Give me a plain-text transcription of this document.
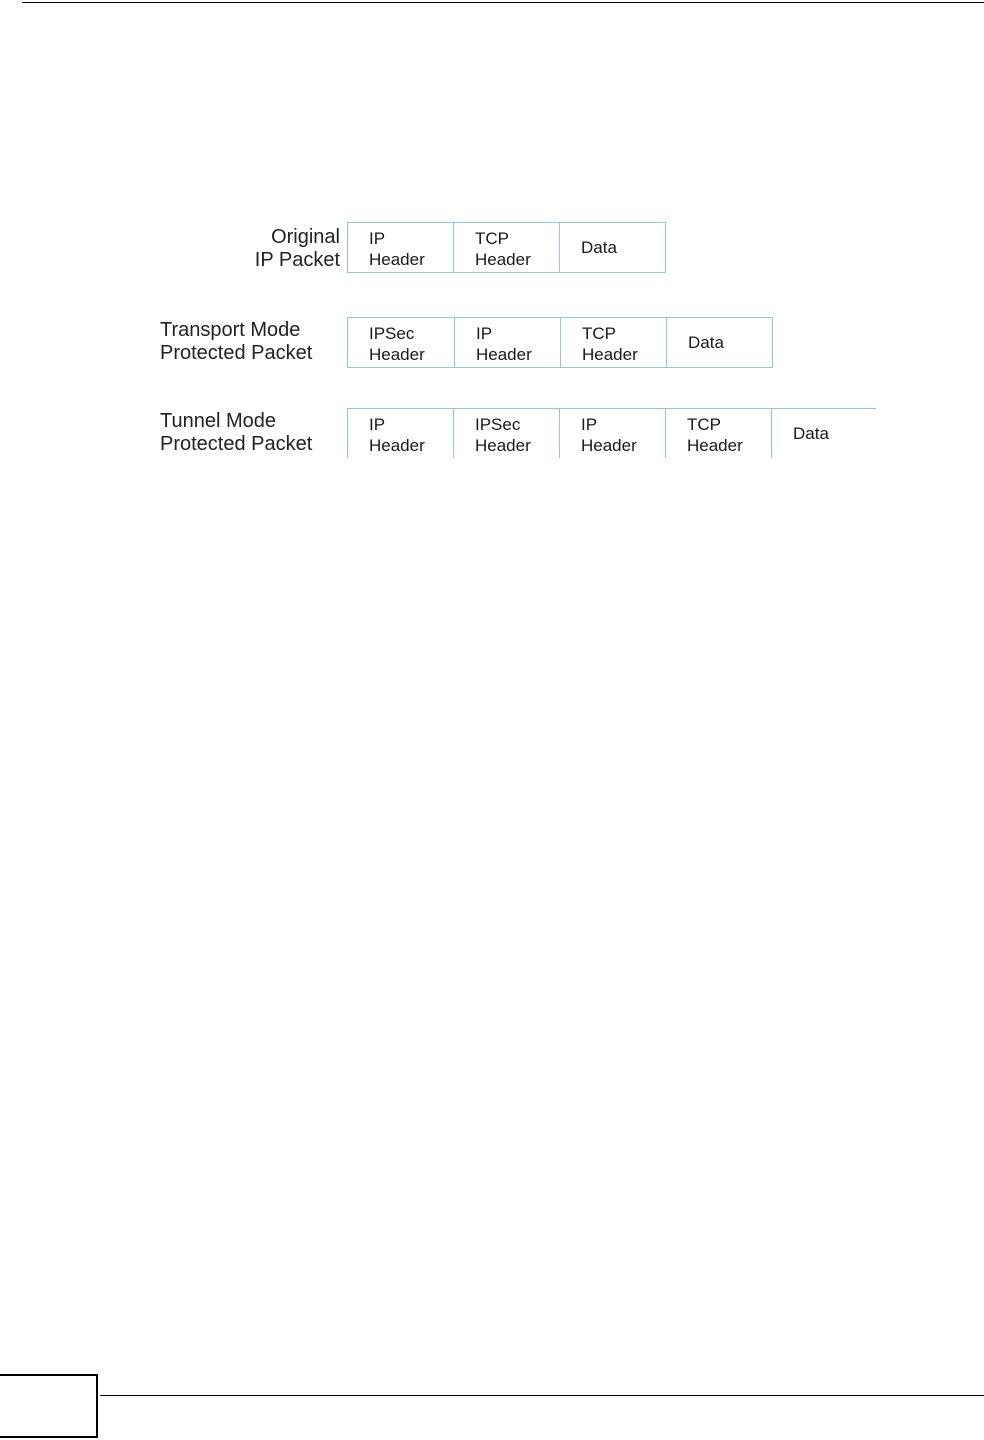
Original
IP Packet
IP
Header
TCP
Header
Data
Transport Mode
Protected Packet
IPSec
Header
IP
Header
TCP
Header
Data
Tunnel Mode
Protected Packet
IP
Header
IPSec
Header
IP
Header
TCP
Header
Data
